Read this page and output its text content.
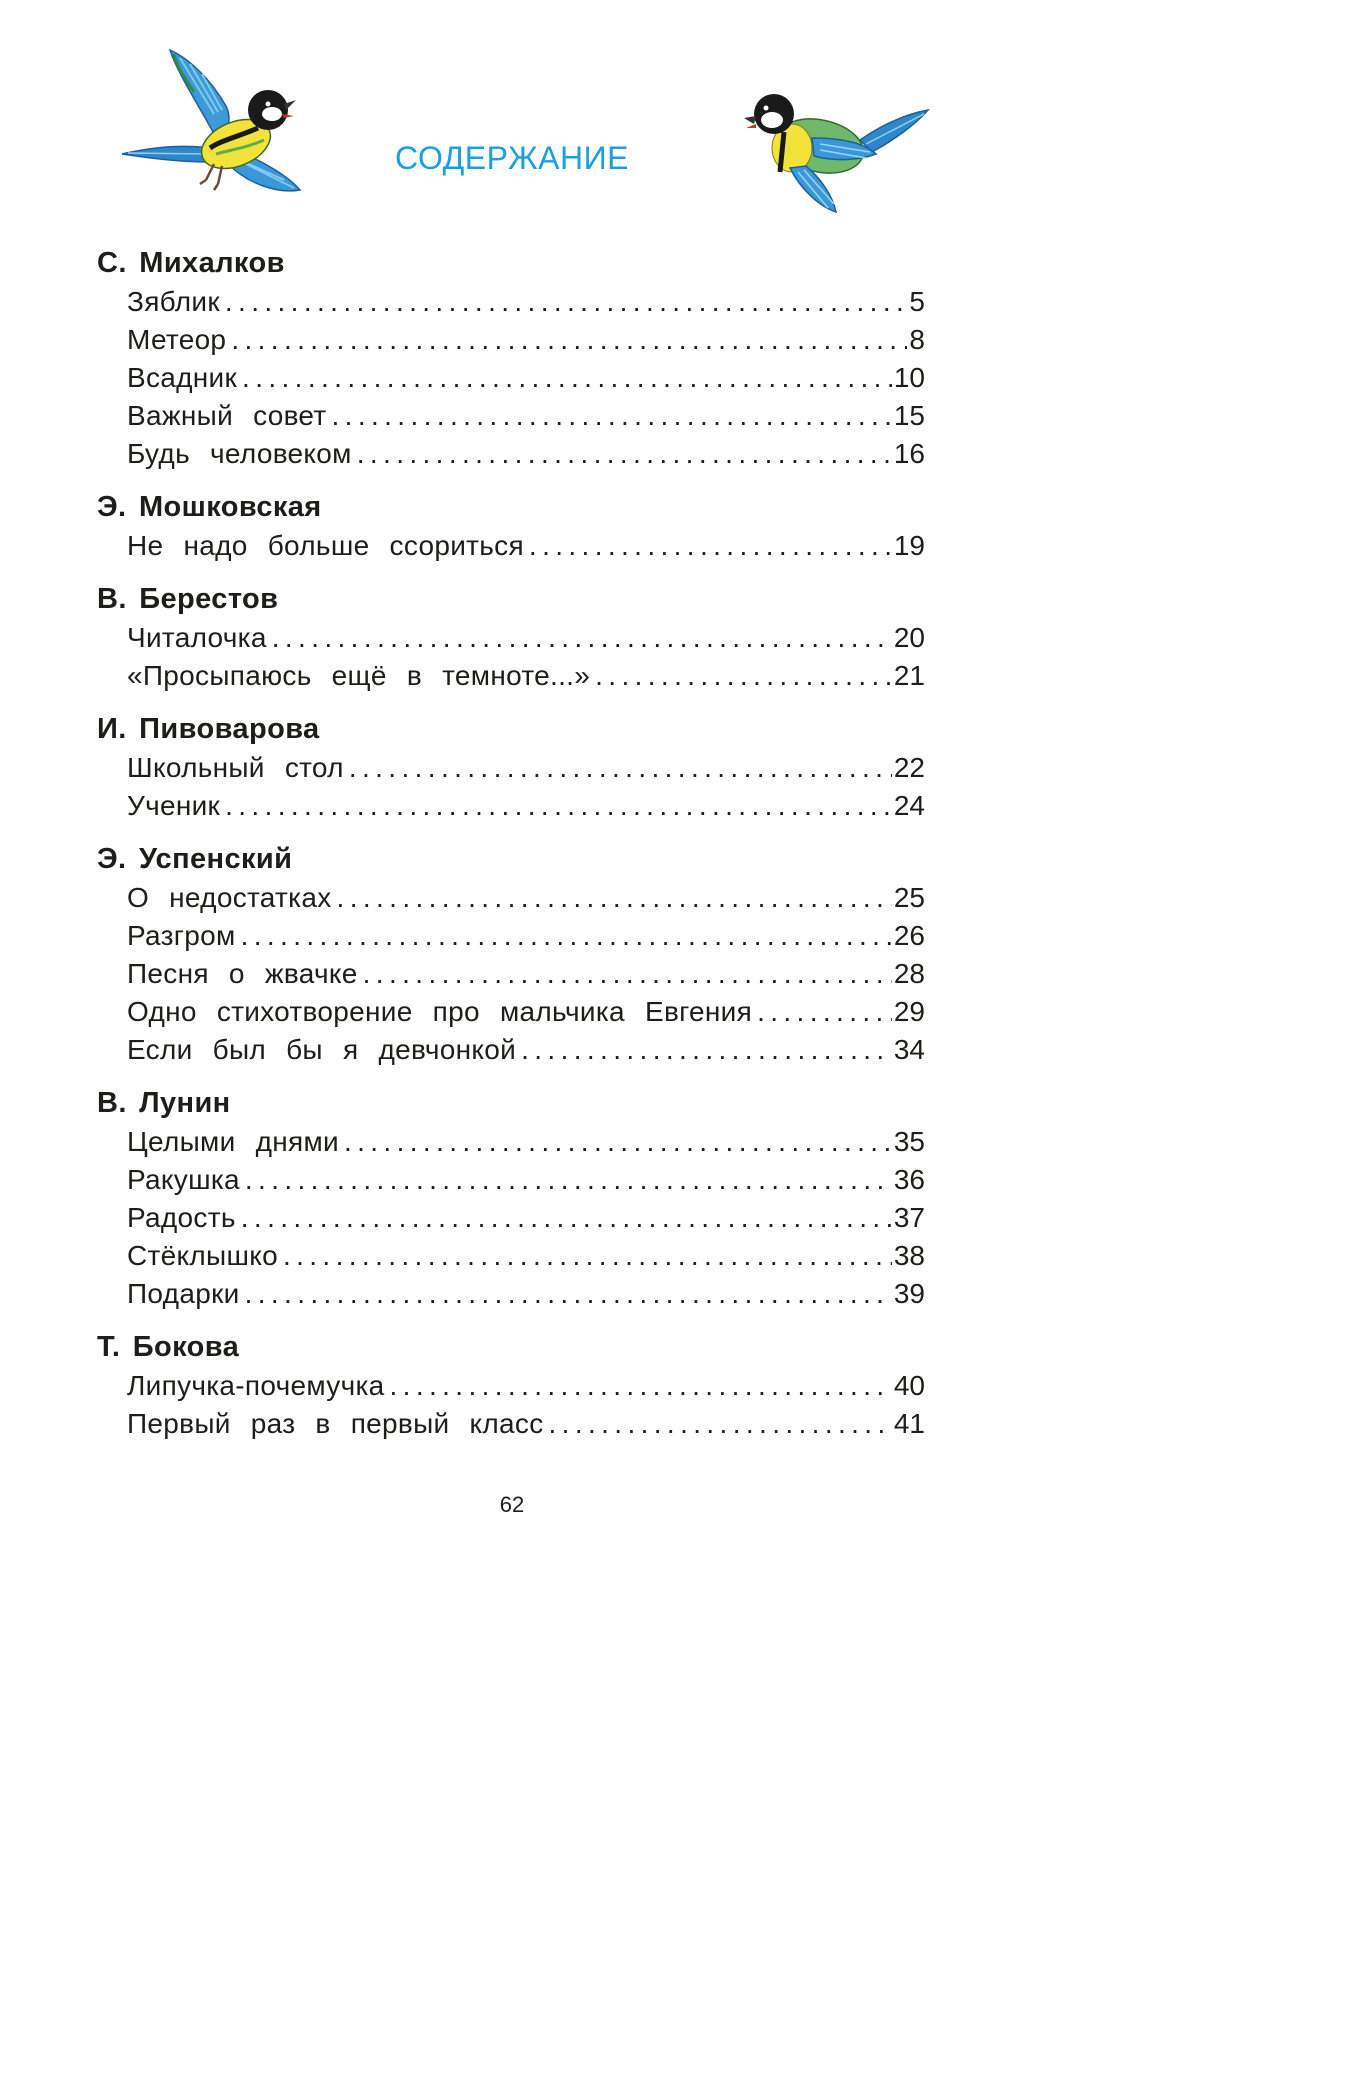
СОДЕРЖАНИЕ
С. Михалков
Зяблик . . .	5
Метеор . . .	8
Всадник . . .	10
Важный совет . . .	15
Будь человеком . . .	16
Э. Мошковская
Не надо больше ссориться . . .	19
В. Берестов
Читалочка . . .	20
«Просыпаюсь ещё в темноте...» . . .	21
И. Пивоварова
Школьный стол . . .	22
Ученик . . .	24
Э. Успенский
О недостатках . . .	25
Разгром . . .	26
Песня о жвачке . . .	28
Одно стихотворение про мальчика Евгения . . .	29
Если был бы я девчонкой . . .	34
В. Лунин
Целыми днями . . .	35
Ракушка . . .	36
Радость . . .	37
Стёклышко . . .	38
Подарки . . .	39
Т. Бокова
Липучка-почемучка . . .	40
Первый раз в первый класс . . .	41
62
